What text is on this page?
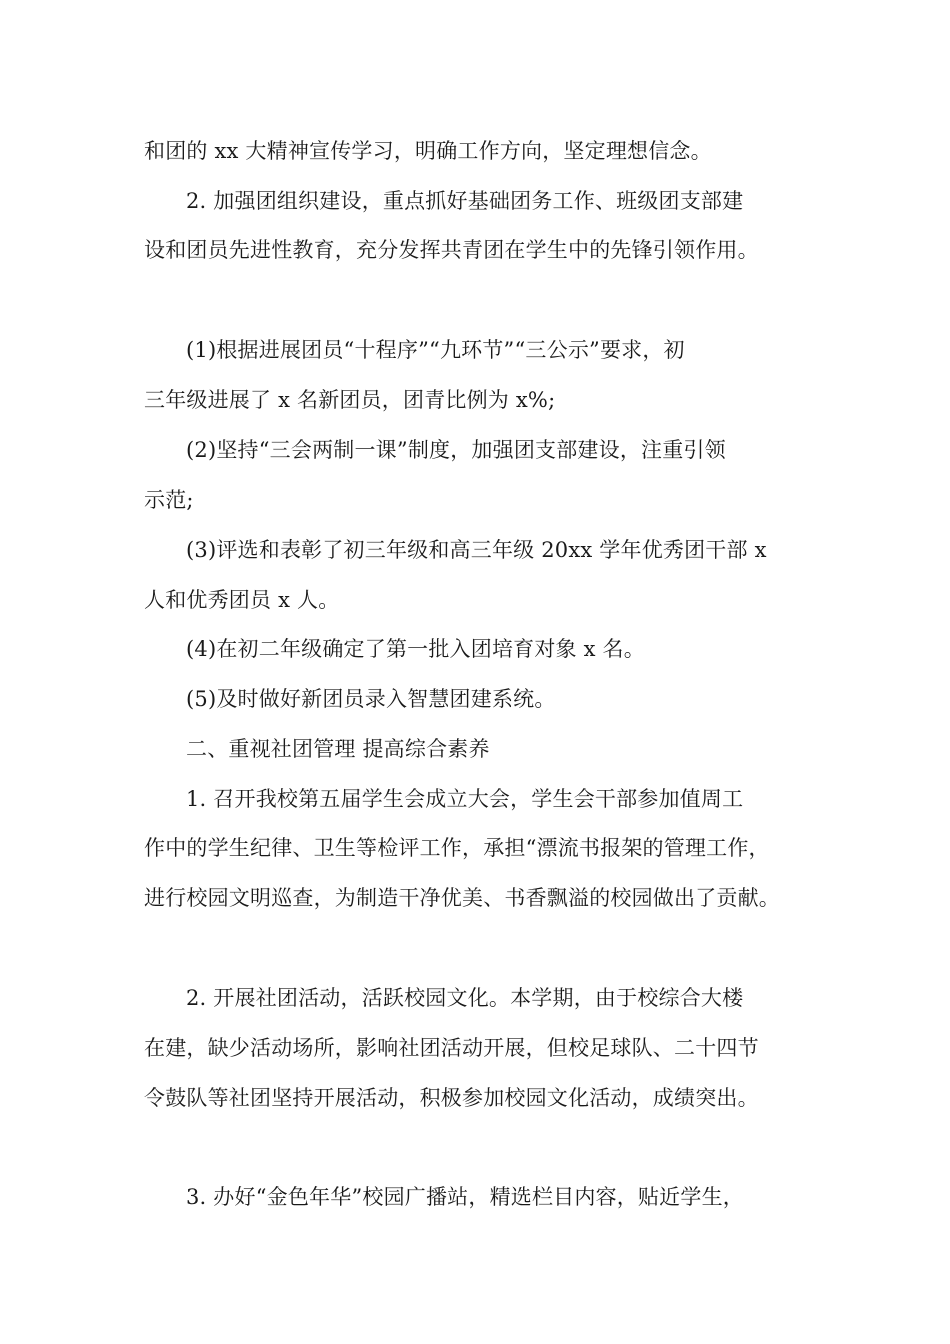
和团的 xx 大精神宣传学习，明确工作方向，坚定理想信念。
2. 加强团组织建设，重点抓好基础团务工作、班级团支部建
设和团员先进性教育，充分发挥共青团在学生中的先锋引领作用。
(1)根据进展团员“十程序”“九环节”“三公示”要求，初
三年级进展了 x 名新团员，团青比例为 x%;
(2)坚持“三会两制一课”制度，加强团支部建设，注重引领
示范;
(3)评选和表彰了初三年级和高三年级 20xx 学年优秀团干部 x
人和优秀团员 x 人。
(4)在初二年级确定了第一批入团培育对象 x 名。
(5)及时做好新团员录入智慧团建系统。
二、重视社团管理 提高综合素养
1. 召开我校第五届学生会成立大会，学生会干部参加值周工
作中的学生纪律、卫生等检评工作，承担“漂流书报架的管理工作，
进行校园文明巡查，为制造干净优美、书香飘溢的校园做出了贡献。
2. 开展社团活动，活跃校园文化。本学期，由于校综合大楼
在建，缺少活动场所，影响社团活动开展，但校足球队、二十四节
令鼓队等社团坚持开展活动，积极参加校园文化活动，成绩突出。
3. 办好“金色年华”校园广播站，精选栏目内容，贴近学生，
